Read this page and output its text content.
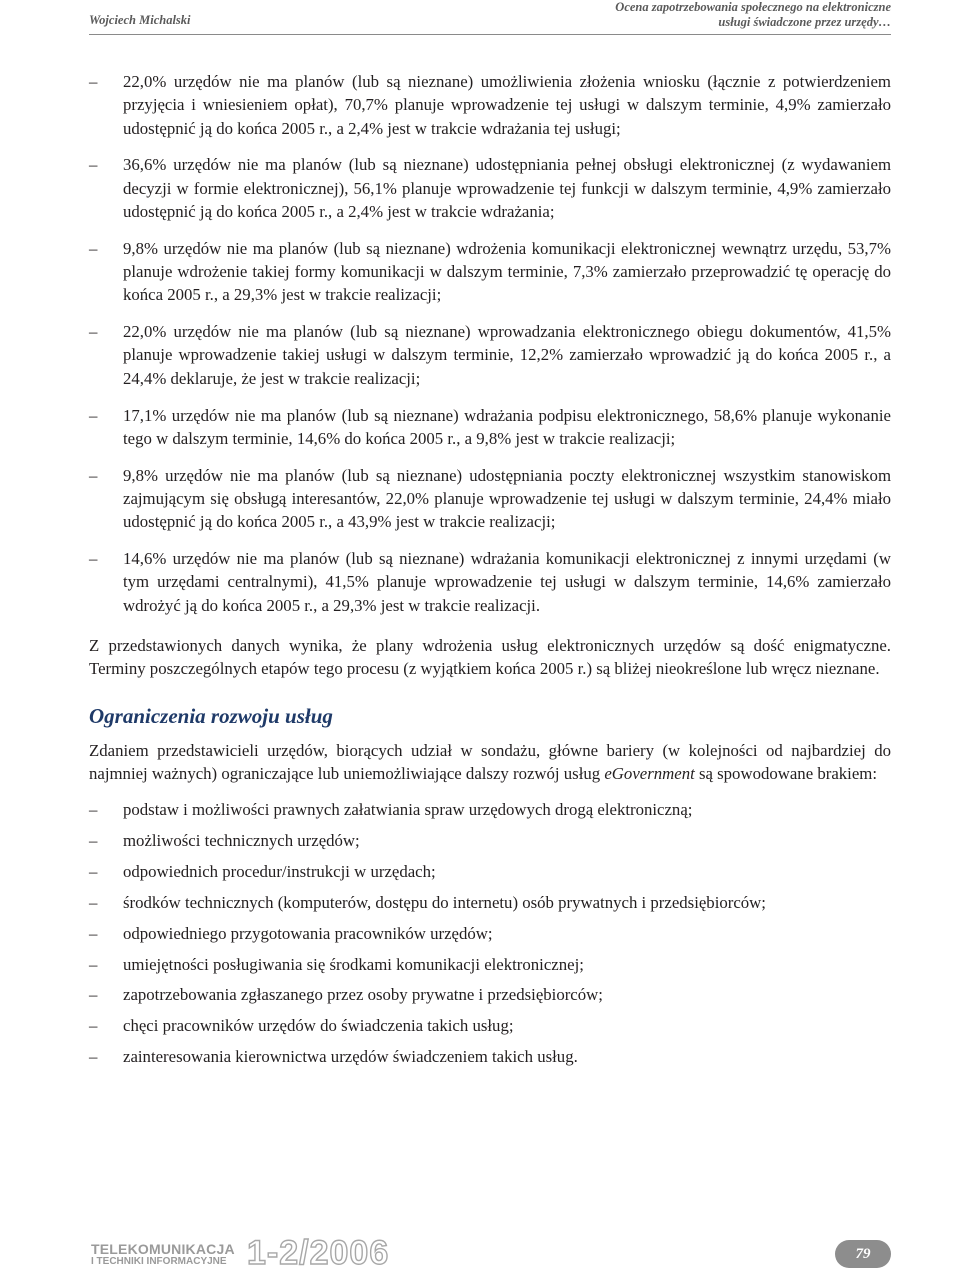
Wojciech Michalski
Ocena zapotrzebowania społecznego na elektroniczne
usługi świadczone przez urzędy…
– 22,0% urzędów nie ma planów (lub są nieznane) umożliwienia złożenia wniosku (łącznie z potwierdzeniem przyjęcia i wniesieniem opłat), 70,7% planuje wprowadzenie tej usługi w dalszym terminie, 4,9% zamierzało udostępnić ją do końca 2005 r., a 2,4% jest w trakcie wdrażania tej usługi;
– 36,6% urzędów nie ma planów (lub są nieznane) udostępniania pełnej obsługi elektronicznej (z wydawaniem decyzji w formie elektronicznej), 56,1% planuje wprowadzenie tej funkcji w dalszym terminie, 4,9% zamierzało udostępnić ją do końca 2005 r., a 2,4% jest w trakcie wdrażania;
– 9,8% urzędów nie ma planów (lub są nieznane) wdrożenia komunikacji elektronicznej wewnątrz urzędu, 53,7% planuje wdrożenie takiej formy komunikacji w dalszym terminie, 7,3% zamierzało przeprowadzić tę operację do końca 2005 r., a 29,3% jest w trakcie realizacji;
– 22,0% urzędów nie ma planów (lub są nieznane) wprowadzania elektronicznego obiegu dokumentów, 41,5% planuje wprowadzenie takiej usługi w dalszym terminie, 12,2% zamierzało wprowadzić ją do końca 2005 r., a 24,4% deklaruje, że jest w trakcie realizacji;
– 17,1% urzędów nie ma planów (lub są nieznane) wdrażania podpisu elektronicznego, 58,6% planuje wykonanie tego w dalszym terminie, 14,6% do końca 2005 r., a 9,8% jest w trakcie realizacji;
– 9,8% urzędów nie ma planów (lub są nieznane) udostępniania poczty elektronicznej wszystkim stanowiskom zajmującym się obsługą interesantów, 22,0% planuje wprowadzenie tej usługi w dalszym terminie, 24,4% miało udostępnić ją do końca 2005 r., a 43,9% jest w trakcie realizacji;
– 14,6% urzędów nie ma planów (lub są nieznane) wdrażania komunikacji elektronicznej z innymi urzędami (w tym urzędami centralnymi), 41,5% planuje wprowadzenie tej usługi w dalszym terminie, 14,6% zamierzało wdrożyć ją do końca 2005 r., a 29,3% jest w trakcie realizacji.

Z przedstawionych danych wynika, że plany wdrożenia usług elektronicznych urzędów są dość enigmatyczne. Terminy poszczególnych etapów tego procesu (z wyjątkiem końca 2005 r.) są bliżej nieokreślone lub wręcz nieznane.

Ograniczenia rozwoju usług

Zdaniem przedstawicieli urzędów, biorących udział w sondażu, główne bariery (w kolejności od najbardziej do najmniej ważnych) ograniczające lub uniemożliwiające dalszy rozwój usług eGovernment są spowodowane brakiem:

– podstaw i możliwości prawnych załatwiania spraw urzędowych drogą elektroniczną;
– możliwości technicznych urzędów;
– odpowiednich procedur/instrukcji w urzędach;
– środków technicznych (komputerów, dostępu do internetu) osób prywatnych i przedsiębiorców;
– odpowiedniego przygotowania pracowników urzędów;
– umiejętności posługiwania się środkami komunikacji elektronicznej;
– zapotrzebowania zgłaszanego przez osoby prywatne i przedsiębiorców;
– chęci pracowników urzędów do świadczenia takich usług;
– zainteresowania kierownictwa urzędów świadczeniem takich usług.
TELEKOMUNIKACJA
I TECHNIKI INFORMACYJNE 1-2/2006	79
